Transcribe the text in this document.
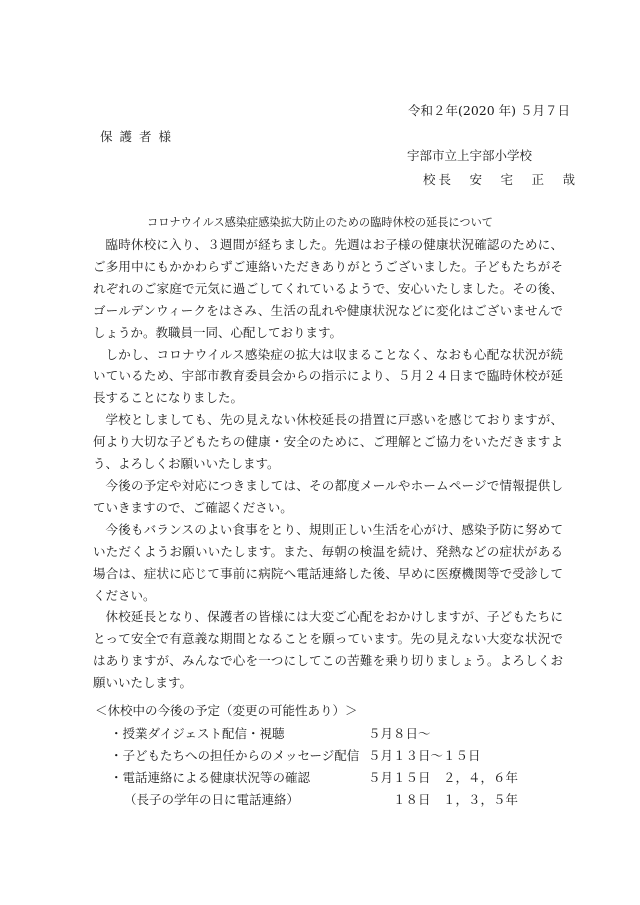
令和２年(2020 年) ５月７日
保護者様
宇部市立上宇部小学校
校長　安　宅　正　哉
コロナウイルス感染症感染拡大防止のための臨時休校の延長について

臨時休校に入り、３週間が経ちました。先週はお子様の健康状況確認のために、ご多用中にもかかわらずご連絡いただきありがとうございました。子どもたちがそれぞれのご家庭で元気に過ごしてくれているようで、安心いたしました。その後、ゴールデンウィークをはさみ、生活の乱れや健康状況などに変化はございませんでしょうか。教職員一同、心配しております。

しかし、コロナウイルス感染症の拡大は収まることなく、なおも心配な状況が続いているため、宇部市教育委員会からの指示により、５月２４日まで臨時休校が延長することになりました。

学校としましても、先の見えない休校延長の措置に戸惑いを感じておりますが、何より大切な子どもたちの健康・安全のために、ご理解とご協力をいただきますよう、よろしくお願いいたします。

今後の予定や対応につきましては、その都度メールやホームページで情報提供していきますので、ご確認ください。

今後もバランスのよい食事をとり、規則正しい生活を心がけ、感染予防に努めていただくようお願いいたします。また、毎朝の検温を続け、発熱などの症状がある場合は、症状に応じて事前に病院へ電話連絡した後、早めに医療機関等で受診してください。

休校延長となり、保護者の皆様には大変ご心配をおかけしますが、子どもたちにとって安全で有意義な期間となることを願っています。先の見えない大変な状況ではありますが、みんなで心を一つにしてこの苦難を乗り切りましょう。よろしくお願いいたします。

＜休校中の今後の予定（変更の可能性あり）＞
・授業ダイジェスト配信・視聴	５月８日～
・子どもたちへの担任からのメッセージ配信 ５月１３日～１５日
・電話連絡による健康状況等の確認	５月１５日　２，４，６年
（長子の学年の日に電話連絡）	１８日　１，３，５年
